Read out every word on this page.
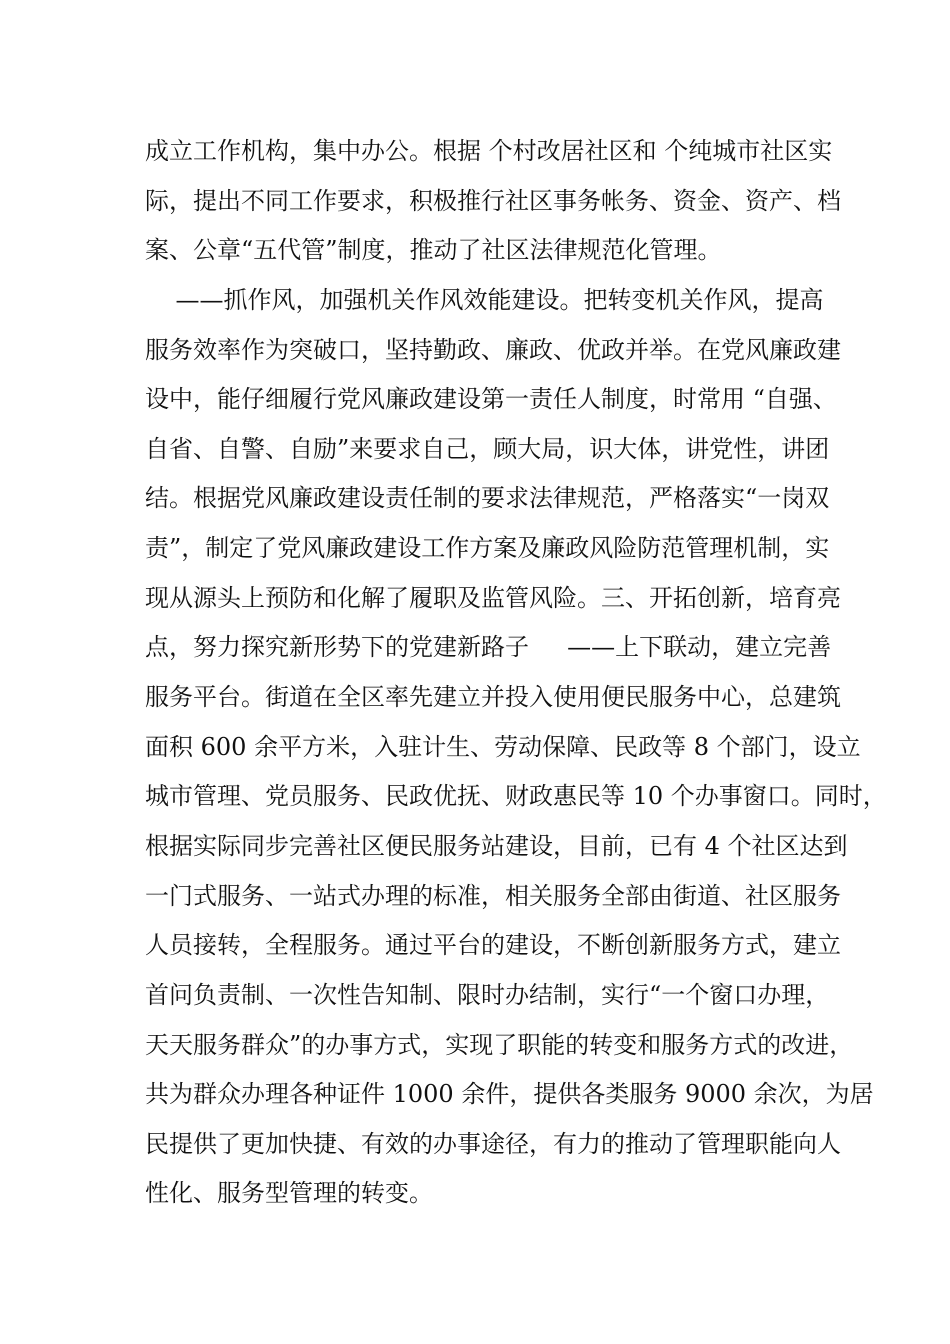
成立工作机构，集中办公。根据 个村改居社区和 个纯城市社区实
际，提出不同工作要求，积极推行社区事务帐务、资金、资产、档
案、公章“五代管”制度，推动了社区法律规范化管理。
——抓作风，加强机关作风效能建设。把转变机关作风，提高
服务效率作为突破口，坚持勤政、廉政、优政并举。在党风廉政建
设中，能仔细履行党风廉政建设第一责任人制度，时常用 “自强、
自省、自警、自励”来要求自己，顾大局，识大体，讲党性，讲团
结。根据党风廉政建设责任制的要求法律规范，严格落实“一岗双
责”，制定了党风廉政建设工作方案及廉政风险防范管理机制，实
现从源头上预防和化解了履职及监管风险。三、开拓创新，培育亮
点，努力探究新形势下的党建新路子     ——上下联动，建立完善
服务平台。街道在全区率先建立并投入使用便民服务中心，总建筑
面积 600 余平方米，入驻计生、劳动保障、民政等 8 个部门，设立
城市管理、党员服务、民政优抚、财政惠民等 10 个办事窗口。同时，
根据实际同步完善社区便民服务站建设，目前，已有 4 个社区达到
一门式服务、一站式办理的标准，相关服务全部由街道、社区服务
人员接转，全程服务。通过平台的建设，不断创新服务方式，建立
首问负责制、一次性告知制、限时办结制，实行“一个窗口办理，
天天服务群众”的办事方式，实现了职能的转变和服务方式的改进，
共为群众办理各种证件 1000 余件，提供各类服务 9000 余次，为居
民提供了更加快捷、有效的办事途径，有力的推动了管理职能向人
性化、服务型管理的转变。
